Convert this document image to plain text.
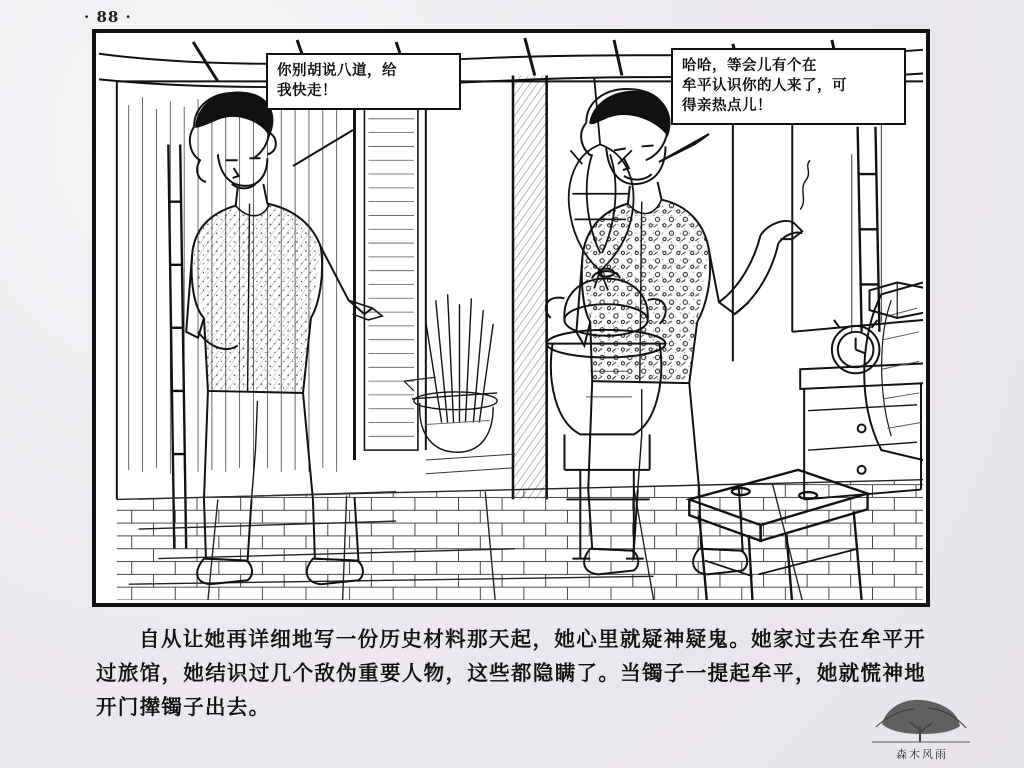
· 88 ·
你别胡说八道，给
我快走！
哈哈，等会儿有个在
牟平认识你的人来了，可
得亲热点儿！

自从让她再详细地写一份历史材料那天起，她心里就疑神疑鬼。她家过去在牟平开过旅馆，她结识过几个敌伪重要人物，这些都隐瞒了。当镯子一提起牟平，她就慌神地开门撵镯子出去。

森木风雨
